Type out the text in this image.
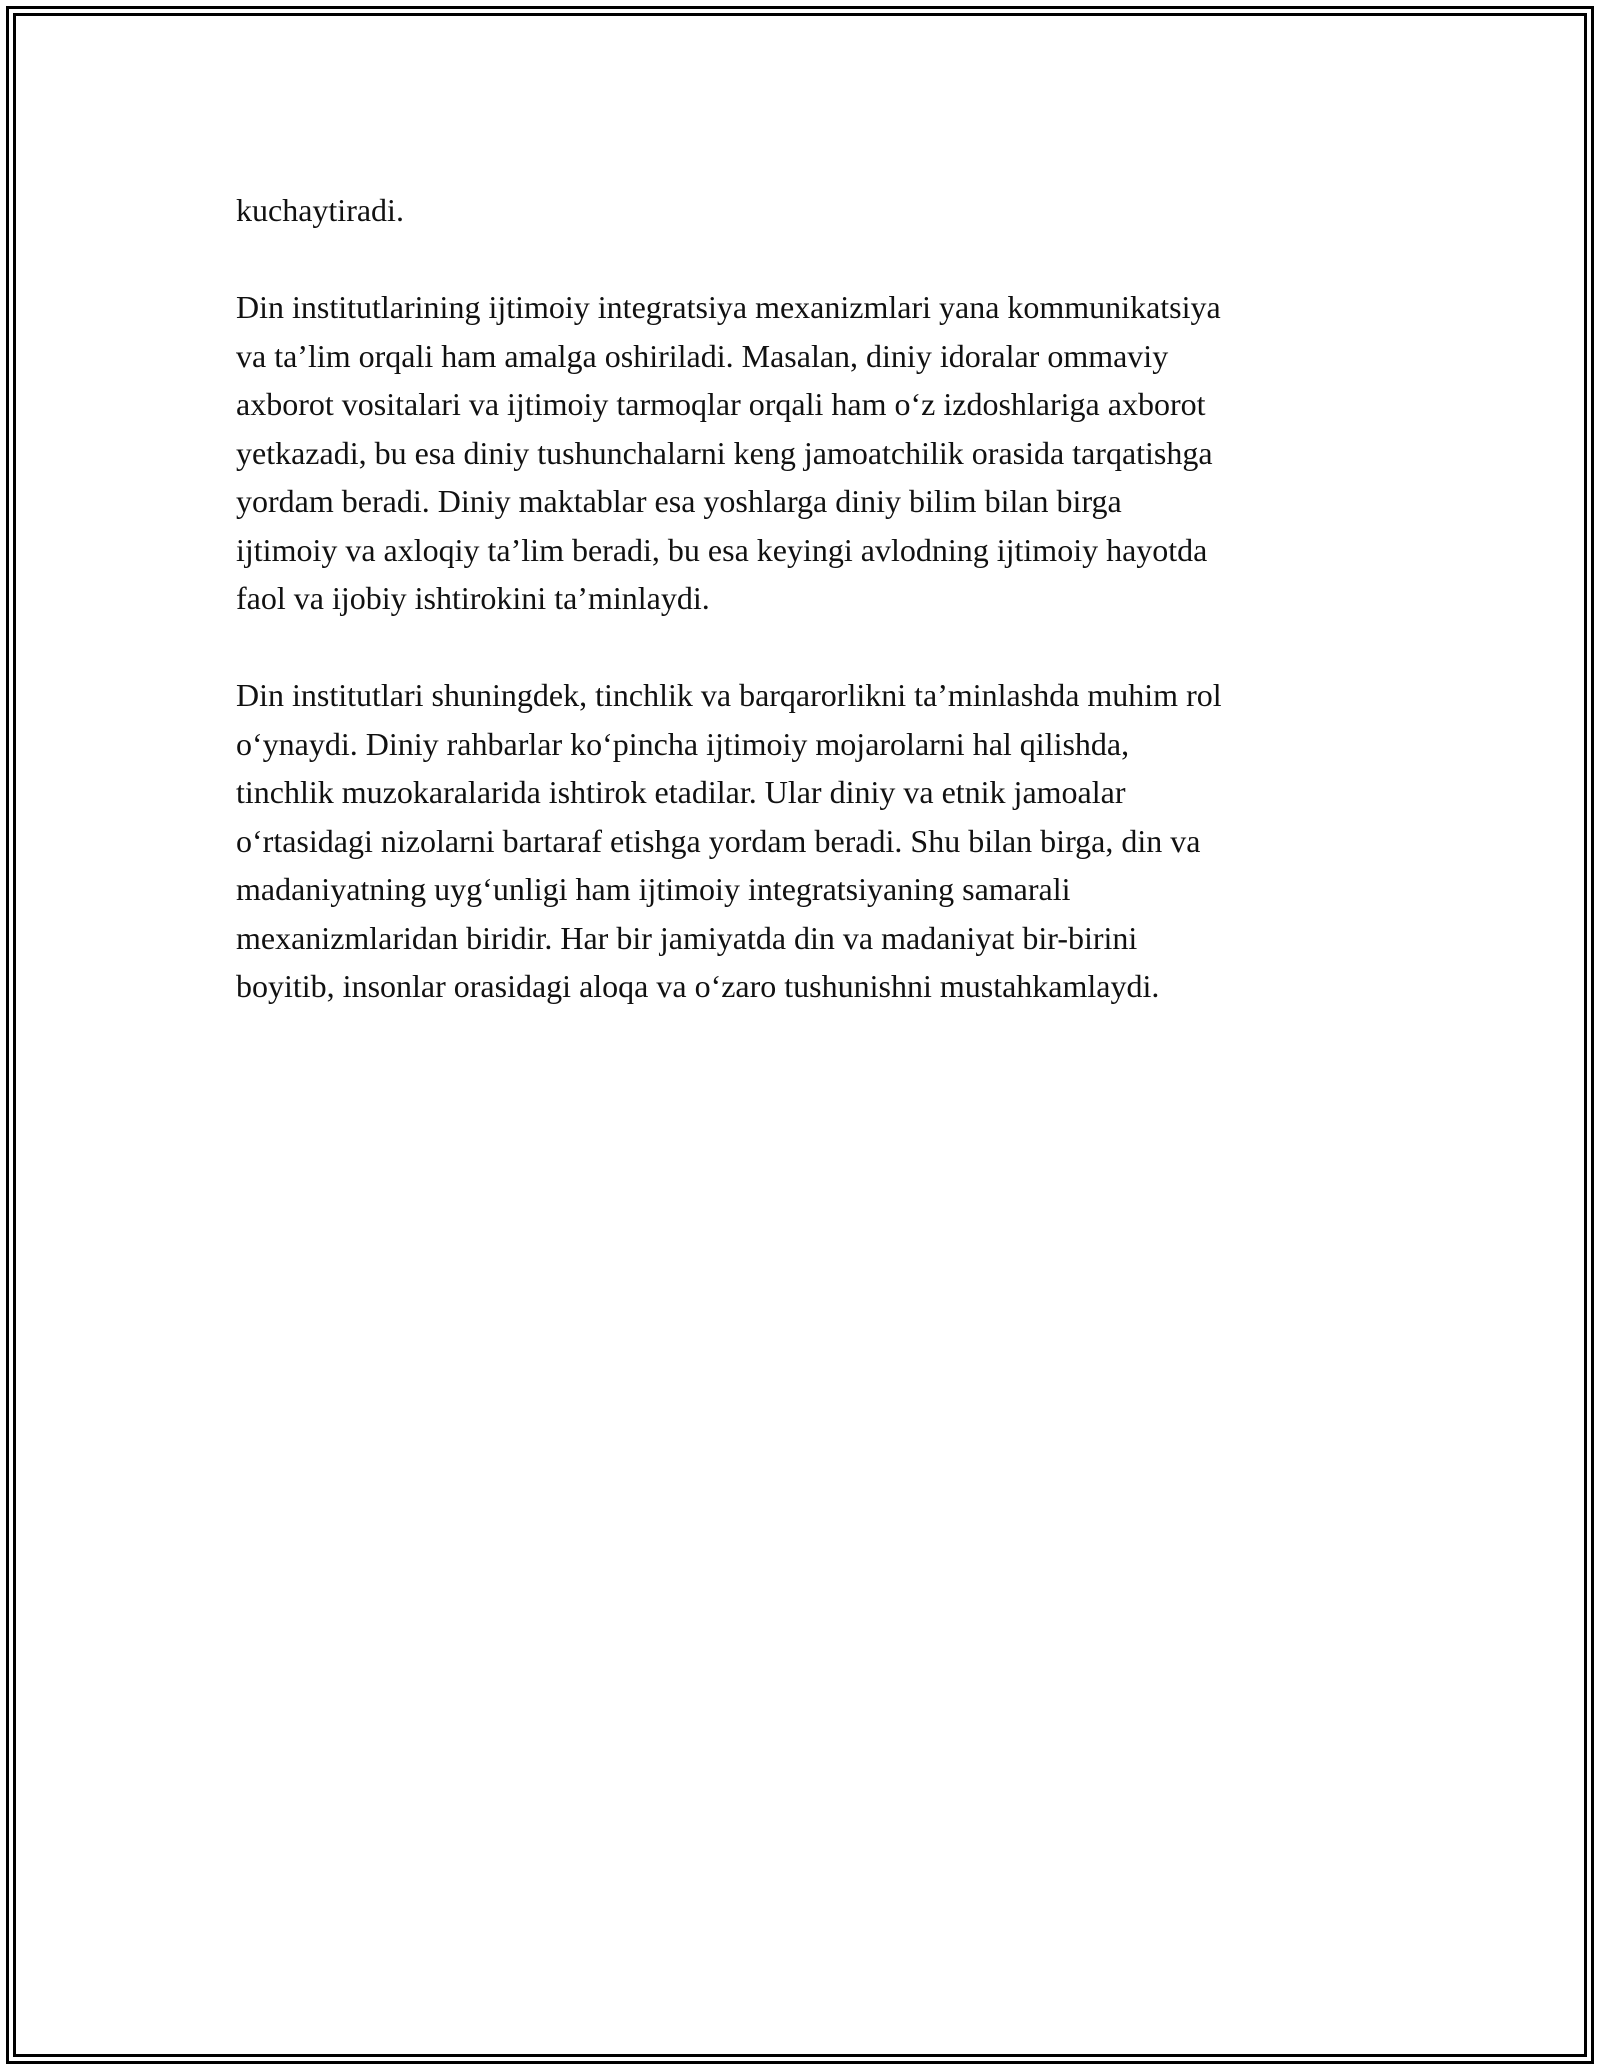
kuchaytiradi.

Din institutlarining ijtimoiy integratsiya mexanizmlari yana kommunikatsiya
va ta’lim orqali ham amalga oshiriladi. Masalan, diniy idoralar ommaviy
axborot vositalari va ijtimoiy tarmoqlar orqali ham o‘z izdoshlariga axborot
yetkazadi, bu esa diniy tushunchalarni keng jamoatchilik orasida tarqatishga
yordam beradi. Diniy maktablar esa yoshlarga diniy bilim bilan birga
ijtimoiy va axloqiy ta’lim beradi, bu esa keyingi avlodning ijtimoiy hayotda
faol va ijobiy ishtirokini ta’minlaydi.

Din institutlari shuningdek, tinchlik va barqarorlikni ta’minlashda muhim rol
o‘ynaydi. Diniy rahbarlar ko‘pincha ijtimoiy mojarolarni hal qilishda,
tinchlik muzokaralarida ishtirok etadilar. Ular diniy va etnik jamoalar
o‘rtasidagi nizolarni bartaraf etishga yordam beradi. Shu bilan birga, din va
madaniyatning uyg‘unligi ham ijtimoiy integratsiyaning samarali
mexanizmlaridan biridir. Har bir jamiyatda din va madaniyat bir-birini
boyitib, insonlar orasidagi aloqa va o‘zaro tushunishni mustahkamlaydi.
